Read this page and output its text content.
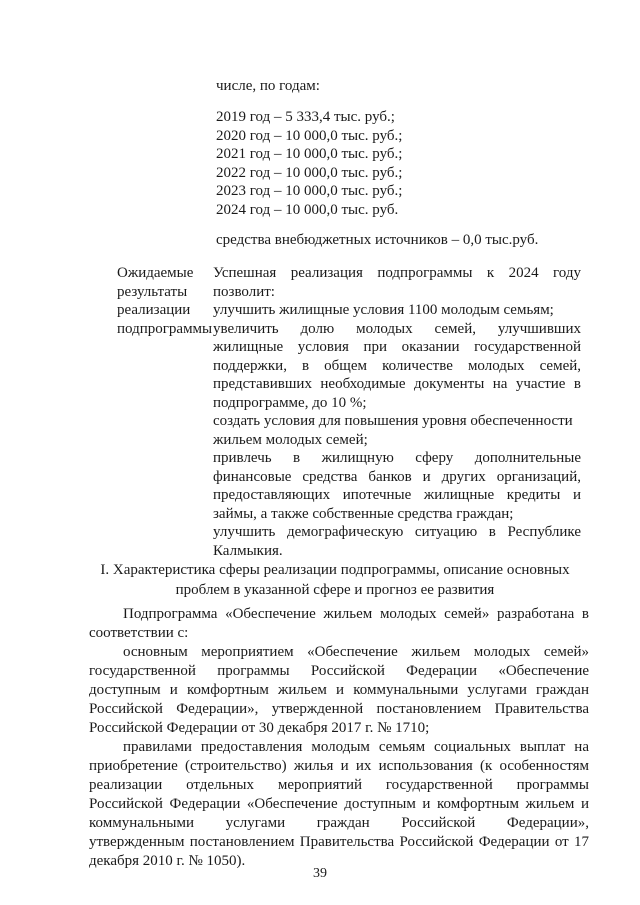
числе, по годам:
2019 год – 5 333,4 тыс. руб.;
2020 год – 10 000,0 тыс. руб.;
2021 год – 10 000,0 тыс. руб.;
2022 год – 10 000,0 тыс. руб.;
2023 год – 10 000,0 тыс. руб.;
2024 год – 10 000,0 тыс. руб.
средства внебюджетных источников – 0,0 тыс.руб.
Ожидаемые
результаты
реализации
подпрограммы
Успешная реализация подпрограммы к 2024 году
позволит:
улучшить жилищные условия 1100 молодым семьям;
увеличить долю молодых семей, улучшивших
жилищные условия при оказании государственной
поддержки, в общем количестве молодых семей,
представивших необходимые документы на участие в
подпрограмме, до 10 %;
создать условия для повышения уровня обеспеченности
жильем молодых семей;
привлечь в жилищную сферу дополнительные
финансовые средства банков и других организаций,
предоставляющих ипотечные жилищные кредиты и
займы, а также собственные средства граждан;
улучшить демографическую ситуацию в Республике
Калмыкия.
I. Характеристика сферы реализации подпрограммы, описание основных
проблем в указанной сфере и прогноз ее развития
Подпрограмма «Обеспечение жильем молодых семей» разработана в
соответствии с:
основным мероприятием «Обеспечение жильем молодых семей»
государственной программы Российской Федерации «Обеспечение
доступным и комфортным жильем и коммунальными услугами граждан
Российской Федерации», утвержденной постановлением Правительства
Российской Федерации от 30 декабря 2017 г. № 1710;
правилами предоставления молодым семьям социальных выплат на
приобретение (строительство) жилья и их использования (к особенностям
реализации отдельных мероприятий государственной программы
Российской Федерации «Обеспечение доступным и комфортным жильем и
коммунальными услугами граждан Российской Федерации»,
утвержденным постановлением Правительства Российской Федерации от 17
декабря 2010 г. № 1050).
39
